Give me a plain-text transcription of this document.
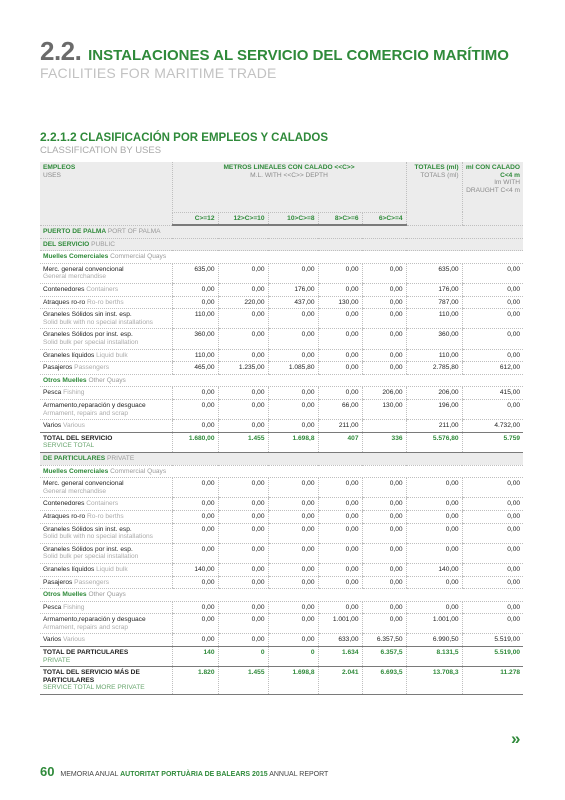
2.2. INSTALACIONES AL SERVICIO DEL COMERCIO MARÍTIMO
FACILITIES FOR MARITIME TRADE
2.2.1.2 CLASIFICACIÓN POR EMPLEOS Y CALADOS
CLASSIFICATION BY USES
EMPLEOS
USES	METROS LINEALES CON CALADO <<C>>
M.L. WITH <<C>> DEPTH					TOTALES (ml)
TOTALS (ml)	ml CON CALADO C<4 m
lm WITH DRAUGHT C<4 m
	C>=12	12>C>=10	10>C>=8	8>C>=6	6>C>=4		
PUERTO DE PALMA PORT OF PALMA							
DEL SERVICIO PUBLIC							
Muelles Comerciales Commercial Quays							
Merc. general convencional
General merchandise	635,00	0,00	0,00	0,00	0,00	635,00	0,00
Contenedores Containers	0,00	0,00	176,00	0,00	0,00	176,00	0,00
Atraques ro-ro Ro-ro berths	0,00	220,00	437,00	130,00	0,00	787,00	0,00
Graneles Sólidos sin inst. esp.
Solid bulk with no special installations	110,00	0,00	0,00	0,00	0,00	110,00	0,00
Graneles Sólidos por inst. esp.
Solid bulk per special installation	360,00	0,00	0,00	0,00	0,00	360,00	0,00
Graneles líquidos Liquid bulk	110,00	0,00	0,00	0,00	0,00	110,00	0,00
Pasajeros Passengers	465,00	1.235,00	1.085,80	0,00	0,00	2.785,80	612,00
Otros Muelles Other Quays							
Pesca Fishing	0,00	0,00	0,00	0,00	206,00	206,00	415,00
Armamento,reparación y desguace
Armament, repairs and scrap	0,00	0,00	0,00	66,00	130,00	196,00	0,00
Varios Various	0,00	0,00	0,00	211,00		211,00	4.732,00
TOTAL DEL SERVICIO
SERVICE TOTAL	1.680,00	1.455	1.698,8	407	336	5.576,80	5.759
DE PARTICULARES PRIVATE							
Muelles Comerciales Commercial Quays							
Merc. general convencional
General merchandise	0,00	0,00	0,00	0,00	0,00	0,00	0,00
Contenedores Containers	0,00	0,00	0,00	0,00	0,00	0,00	0,00
Atraques ro-ro Ro-ro berths	0,00	0,00	0,00	0,00	0,00	0,00	0,00
Graneles Sólidos sin inst. esp.
Solid bulk with no special installations	0,00	0,00	0,00	0,00	0,00	0,00	0,00
Graneles Sólidos por inst. esp.
Solid bulk per special installation	0,00	0,00	0,00	0,00	0,00	0,00	0,00
Graneles líquidos Liquid bulk	140,00	0,00	0,00	0,00	0,00	140,00	0,00
Pasajeros Passengers	0,00	0,00	0,00	0,00	0,00	0,00	0,00
Otros Muelles Other Quays							
Pesca Fishing	0,00	0,00	0,00	0,00	0,00	0,00	0,00
Armamento,reparación y desguace
Armament, repairs and scrap	0,00	0,00	0,00	1.001,00	0,00	1.001,00	0,00
Varios Various	0,00	0,00	0,00	633,00	6.357,50	6.990,50	5.519,00
TOTAL DE PARTICULARES
PRIVATE	140	0	0	1.634	6.357,5	8.131,5	5.519,00
TOTAL DEL SERVICIO MÁS DE PARTICULARES
SERVICE TOTAL MORE PRIVATE	1.820	1.455	1.698,8	2.041	6.693,5	13.708,3	11.278
»
60 MEMORIA ANUAL AUTORITAT PORTUÀRIA DE BALEARS 2015 ANNUAL REPORT
